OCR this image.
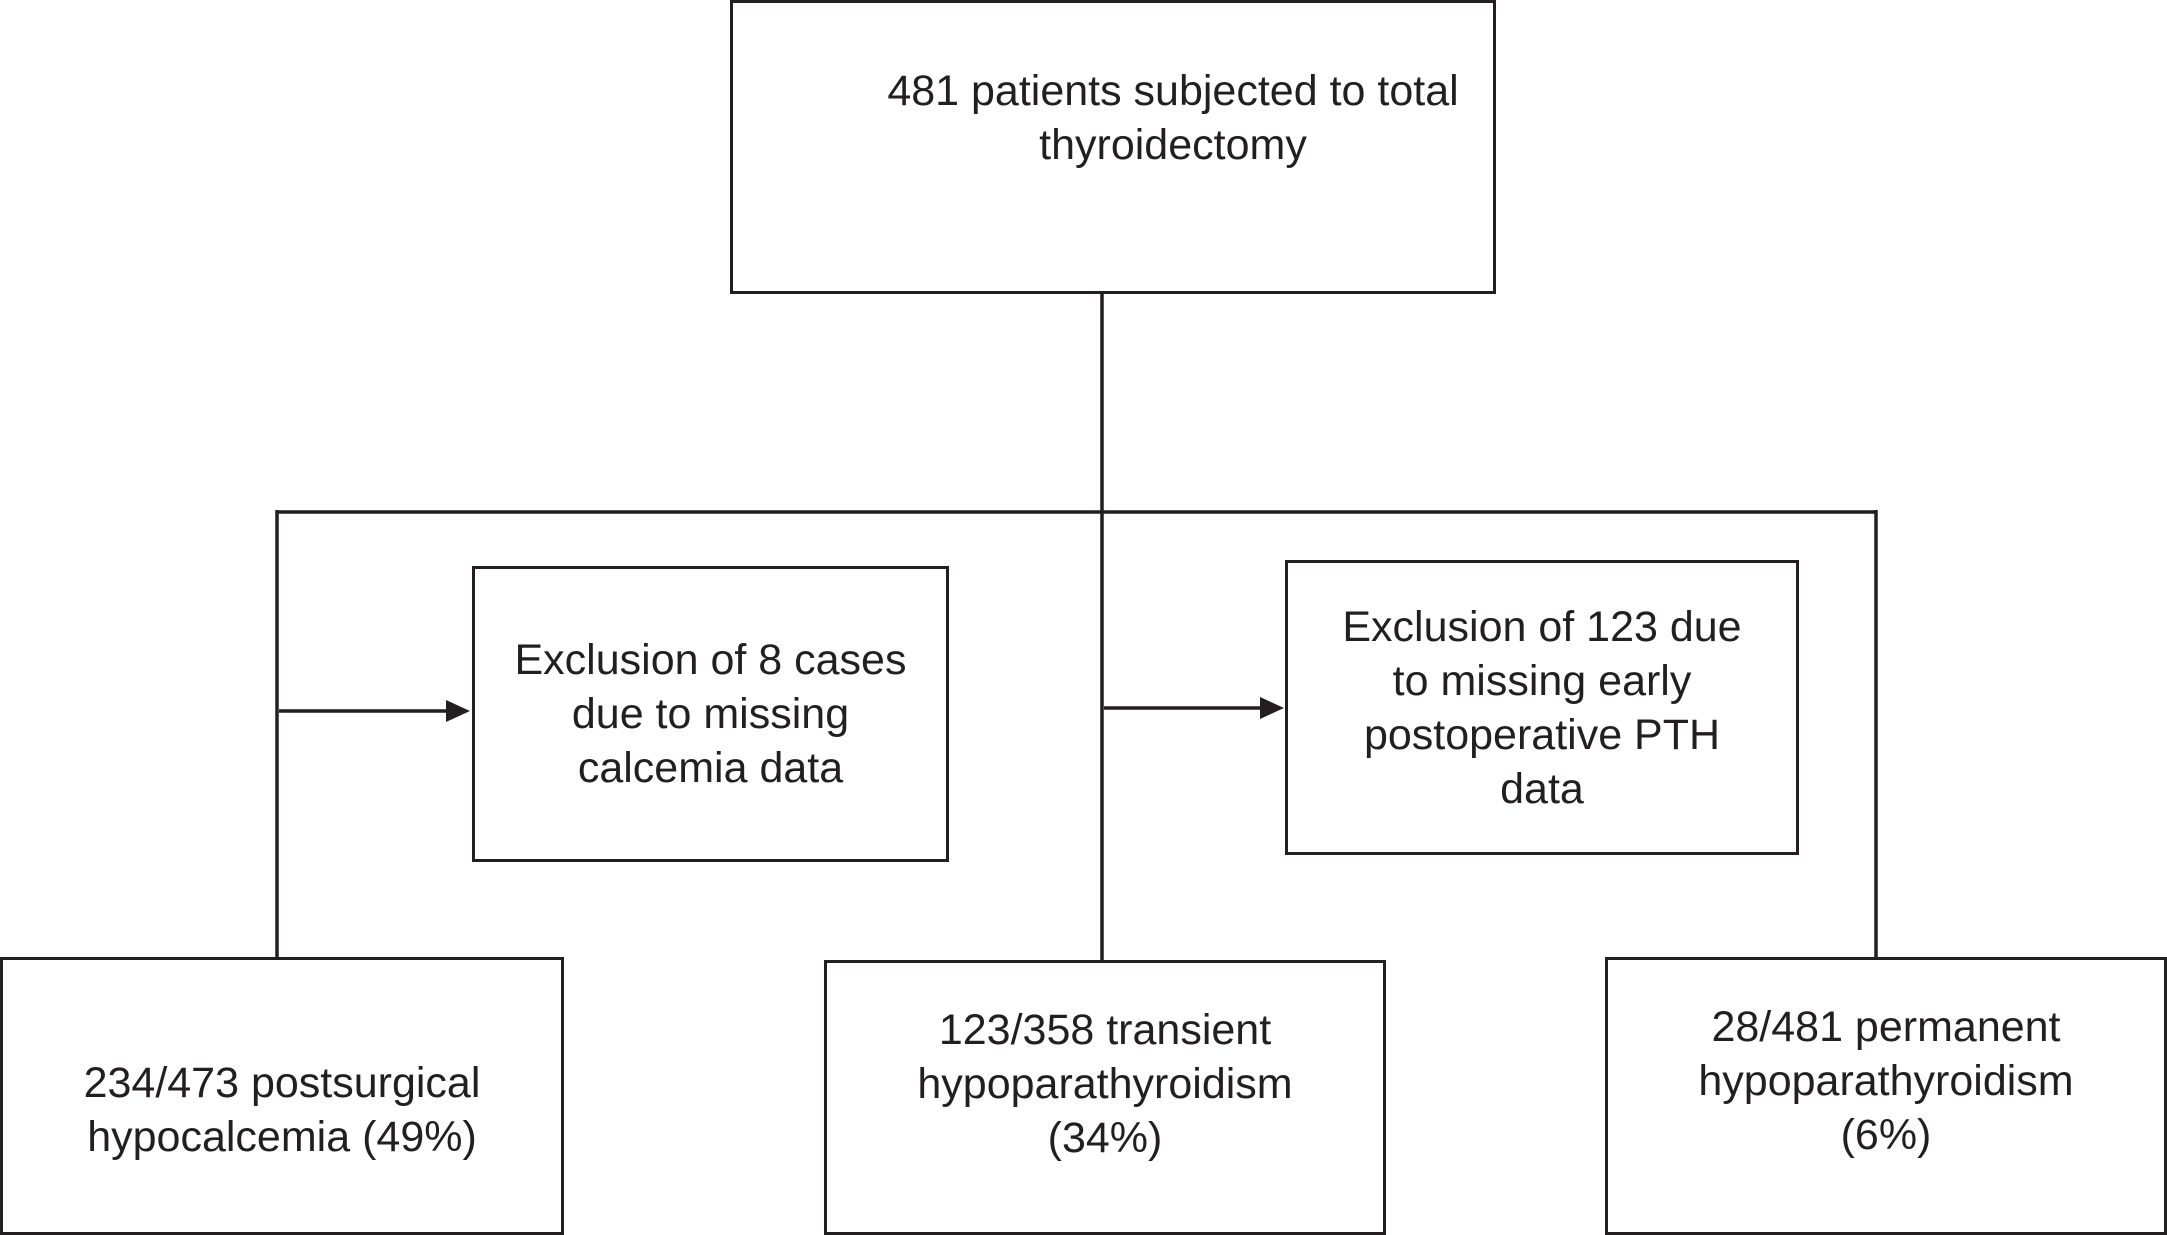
481 patients subjected to total
thyroidectomy
Exclusion of 8 cases
due to missing
calcemia data
Exclusion of 123 due
to missing early
postoperative PTH
data
234/473 postsurgical
hypocalcemia (49%)
123/358 transient
hypoparathyroidism
(34%)
28/481 permanent
hypoparathyroidism
(6%)
